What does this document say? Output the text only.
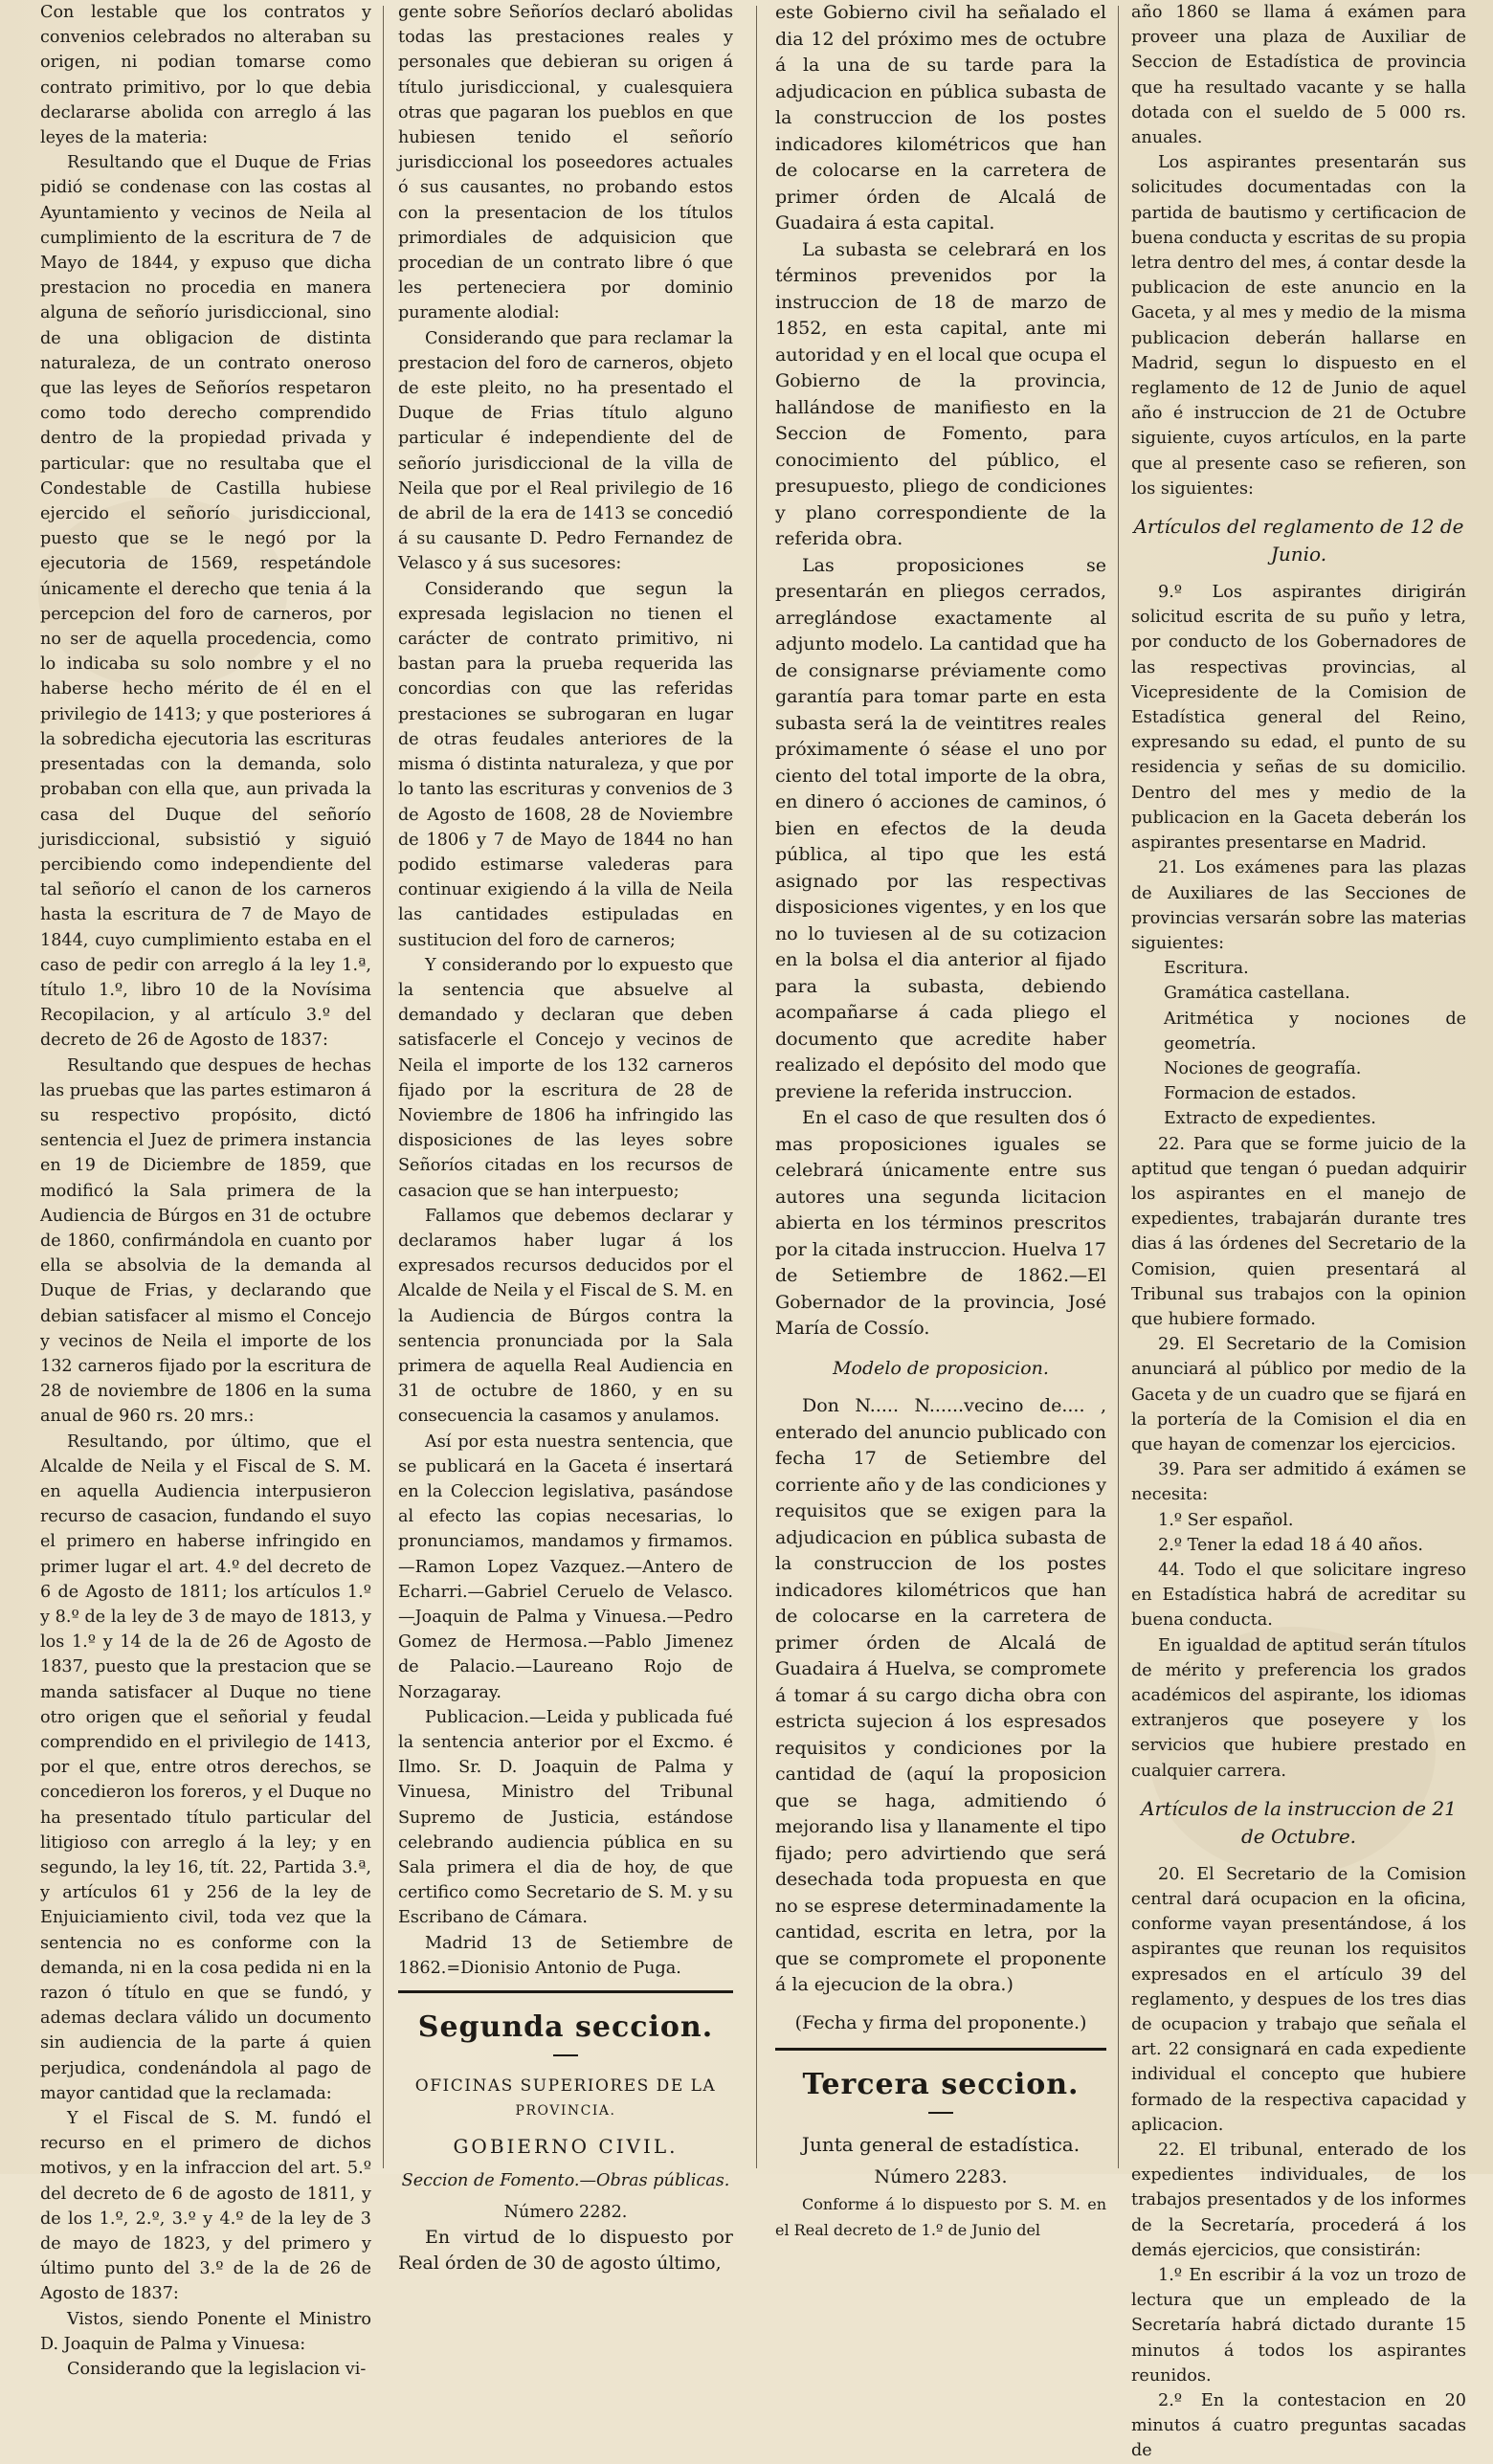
Con lestable que los contratos y convenios celebrados no alteraban su origen, ni podian tomarse como contrato primitivo, por lo que debia declararse abolida con arreglo á las leyes de la materia:

Resultando que el Duque de Frias pidió se condenase con las costas al Ayuntamiento y vecinos de Neila al cumplimiento de la escritura de 7 de Mayo de 1844, y expuso que dicha prestacion no procedia en manera alguna de señorío jurisdiccional, sino de una obligacion de distinta naturaleza, de un contrato oneroso que las leyes de Señoríos respetaron como todo derecho comprendido dentro de la propiedad privada y particular: que no resultaba que el Condestable de Castilla hubiese ejercido el señorío jurisdiccional, puesto que se le negó por la ejecutoria de 1569, respetándole únicamente el derecho que tenia á la percepcion del foro de carneros, por no ser de aquella procedencia, como lo indicaba su solo nombre y el no haberse hecho mérito de él en el privilegio de 1413; y que posteriores á la sobredicha ejecutoria las escrituras presentadas con la demanda, solo probaban con ella que, aun privada la casa del Duque del señorío jurisdiccional, subsistió y siguió percibiendo como independiente del tal señorío el canon de los carneros hasta la escritura de 7 de Mayo de 1844, cuyo cumplimiento estaba en el caso de pedir con arreglo á la ley 1.ª, título 1.º, libro 10 de la Novísima Recopilacion, y al artículo 3.º del decreto de 26 de Agosto de 1837:

Resultando que despues de hechas las pruebas que las partes estimaron á su respectivo propósito, dictó sentencia el Juez de primera instancia en 19 de Diciembre de 1859, que modificó la Sala primera de la Audiencia de Búrgos en 31 de octubre de 1860, confirmándola en cuanto por ella se absolvia de la demanda al Duque de Frias, y declarando que debian satisfacer al mismo el Concejo y vecinos de Neila el importe de los 132 carneros fijado por la escritura de 28 de noviembre de 1806 en la suma anual de 960 rs. 20 mrs.:

Resultando, por último, que el Alcalde de Neila y el Fiscal de S. M. en aquella Audiencia interpusieron recurso de casacion, fundando el suyo el primero en haberse infringido en primer lugar el art. 4.º del decreto de 6 de Agosto de 1811; los artículos 1.º y 8.º de la ley de 3 de mayo de 1813, y los 1.º y 14 de la de 26 de Agosto de 1837, puesto que la prestacion que se manda satisfacer al Duque no tiene otro origen que el señorial y feudal comprendido en el privilegio de 1413, por el que, entre otros derechos, se concedieron los foreros, y el Duque no ha presentado título particular del litigioso con arreglo á la ley; y en segundo, la ley 16, tít. 22, Partida 3.ª, y artículos 61 y 256 de la ley de Enjuiciamiento civil, toda vez que la sentencia no es conforme con la demanda, ni en la cosa pedida ni en la razon ó título en que se fundó, y ademas declara válido un documento sin audiencia de la parte á quien perjudica, condenándola al pago de mayor cantidad que la reclamada:

Y el Fiscal de S. M. fundó el recurso en el primero de dichos motivos, y en la infraccion del art. 5.º del decreto de 6 de agosto de 1811, y de los 1.º, 2.º, 3.º y 4.º de la ley de 3 de mayo de 1823, y del primero y último punto del 3.º de la de 26 de Agosto de 1837:

Vistos, siendo Ponente el Ministro D. Joaquin de Palma y Vinuesa:

Considerando que la legislacion vi-

gente sobre Señoríos declaró abolidas todas las prestaciones reales y personales que debieran su origen á título jurisdiccional, y cualesquiera otras que pagaran los pueblos en que hubiesen tenido el señorío jurisdiccional los poseedores actuales ó sus causantes, no probando estos con la presentacion de los títulos primordiales de adquisicion que procedian de un contrato libre ó que les perteneciera por dominio puramente alodial:

Considerando que para reclamar la prestacion del foro de carneros, objeto de este pleito, no ha presentado el Duque de Frias título alguno particular é independiente del de señorío jurisdiccional de la villa de Neila que por el Real privilegio de 16 de abril de la era de 1413 se concedió á su causante D. Pedro Fernandez de Velasco y á sus sucesores:

Considerando que segun la expresada legislacion no tienen el carácter de contrato primitivo, ni bastan para la prueba requerida las concordias con que las referidas prestaciones se subrogaran en lugar de otras feudales anteriores de la misma ó distinta naturaleza, y que por lo tanto las escrituras y convenios de 3 de Agosto de 1608, 28 de Noviembre de 1806 y 7 de Mayo de 1844 no han podido estimarse valederas para continuar exigiendo á la villa de Neila las cantidades estipuladas en sustitucion del foro de carneros;

Y considerando por lo expuesto que la sentencia que absuelve al demandado y declaran que deben satisfacerle el Concejo y vecinos de Neila el importe de los 132 carneros fijado por la escritura de 28 de Noviembre de 1806 ha infringido las disposiciones de las leyes sobre Señoríos citadas en los recursos de casacion que se han interpuesto;

Fallamos que debemos declarar y declaramos haber lugar á los expresados recursos deducidos por el Alcalde de Neila y el Fiscal de S. M. en la Audiencia de Búrgos contra la sentencia pronunciada por la Sala primera de aquella Real Audiencia en 31 de octubre de 1860, y en su consecuencia la casamos y anulamos.

Así por esta nuestra sentencia, que se publicará en la Gaceta é insertará en la Coleccion legislativa, pasándose al efecto las copias necesarias, lo pronunciamos, mandamos y firmamos.—Ramon Lopez Vazquez.—Antero de Echarri.—Gabriel Ceruelo de Velasco.—Joaquin de Palma y Vinuesa.—Pedro Gomez de Hermosa.—Pablo Jimenez de Palacio.—Laureano Rojo de Norzagaray.

Publicacion.—Leida y publicada fué la sentencia anterior por el Excmo. é Ilmo. Sr. D. Joaquin de Palma y Vinuesa, Ministro del Tribunal Supremo de Justicia, estándose celebrando audiencia pública en su Sala primera el dia de hoy, de que certifico como Secretario de S. M. y su Escribano de Cámara.

Madrid 13 de Setiembre de 1862.=Dionisio Antonio de Puga.

Segunda seccion.

OFICINAS SUPERIORES DE LA

PROVINCIA.

GOBIERNO CIVIL.

Seccion de Fomento.—Obras públicas.

Número 2282.

En virtud de lo dispuesto por Real órden de 30 de agosto último,

este Gobierno civil ha señalado el dia 12 del próximo mes de octubre á la una de su tarde para la adjudicacion en pública subasta de la construccion de los postes indicadores kilométricos que han de colocarse en la carretera de primer órden de Alcalá de Guadaira á esta capital.

La subasta se celebrará en los términos prevenidos por la instruccion de 18 de marzo de 1852, en esta capital, ante mi autoridad y en el local que ocupa el Gobierno de la provincia, hallándose de manifiesto en la Seccion de Fomento, para conocimiento del público, el presupuesto, pliego de condiciones y plano correspondiente de la referida obra.

Las proposiciones se presentarán en pliegos cerrados, arreglándose exactamente al adjunto modelo. La cantidad que ha de consignarse préviamente como garantía para tomar parte en esta subasta será la de veintitres reales próximamente ó séase el uno por ciento del total importe de la obra, en dinero ó acciones de caminos, ó bien en efectos de la deuda pública, al tipo que les está asignado por las respectivas disposiciones vigentes, y en los que no lo tuviesen al de su cotizacion en la bolsa el dia anterior al fijado para la subasta, debiendo acompañarse á cada pliego el documento que acredite haber realizado el depósito del modo que previene la referida instruccion.

En el caso de que resulten dos ó mas proposiciones iguales se celebrará únicamente entre sus autores una segunda licitacion abierta en los términos prescritos por la citada instruccion. Huelva 17 de Setiembre de 1862.—El Gobernador de la provincia, José María de Cossío.

Modelo de proposicion.

Don N..... N......vecino de.... , enterado del anuncio publicado con fecha 17 de Setiembre del corriente año y de las condiciones y requisitos que se exigen para la adjudicacion en pública subasta de la construccion de los postes indicadores kilométricos que han de colocarse en la carretera de primer órden de Alcalá de Guadaira á Huelva, se compromete á tomar á su cargo dicha obra con estricta sujecion á los espresados requisitos y condiciones por la cantidad de (aquí la proposicion que se haga, admitiendo ó mejorando lisa y llanamente el tipo fijado; pero advirtiendo que será desechada toda propuesta en que no se esprese determinadamente la cantidad, escrita en letra, por la que se compromete el proponente á la ejecucion de la obra.)

(Fecha y firma del proponente.)

Tercera seccion.

Junta general de estadística.

Número 2283.

Conforme á lo dispuesto por S. M. en el Real decreto de 1.º de Junio del

año 1860 se llama á exámen para proveer una plaza de Auxiliar de Seccion de Estadística de provincia que ha resultado vacante y se halla dotada con el sueldo de 5 000 rs. anuales.

Los aspirantes presentarán sus solicitudes documentadas con la partida de bautismo y certificacion de buena conducta y escritas de su propia letra dentro del mes, á contar desde la publicacion de este anuncio en la Gaceta, y al mes y medio de la misma publicacion deberán hallarse en Madrid, segun lo dispuesto en el reglamento de 12 de Junio de aquel año é instruccion de 21 de Octubre siguiente, cuyos artículos, en la parte que al presente caso se refieren, son los siguientes:

Artículos del reglamento de 12 de Junio.

9.º Los aspirantes dirigirán solicitud escrita de su puño y letra, por conducto de los Gobernadores de las respectivas provincias, al Vicepresidente de la Comision de Estadística general del Reino, expresando su edad, el punto de su residencia y señas de su domicilio. Dentro del mes y medio de la publicacion en la Gaceta deberán los aspirantes presentarse en Madrid.

21. Los exámenes para las plazas de Auxiliares de las Secciones de provincias versarán sobre las materias siguientes:

Escritura.

Gramática castellana.

Aritmética y nociones de geometría.

Nociones de geografía.

Formacion de estados.

Extracto de expedientes.

22. Para que se forme juicio de la aptitud que tengan ó puedan adquirir los aspirantes en el manejo de expedientes, trabajarán durante tres dias á las órdenes del Secretario de la Comision, quien presentará al Tribunal sus trabajos con la opinion que hubiere formado.

29. El Secretario de la Comision anunciará al público por medio de la Gaceta y de un cuadro que se fijará en la portería de la Comision el dia en que hayan de comenzar los ejercicios.

39. Para ser admitido á exámen se necesita:

1.º Ser español.

2.º Tener la edad 18 á 40 años.

44. Todo el que solicitare ingreso en Estadística habrá de acreditar su buena conducta.

En igualdad de aptitud serán títulos de mérito y preferencia los grados académicos del aspirante, los idiomas extranjeros que poseyere y los servicios que hubiere prestado en cualquier carrera.

Artículos de la instruccion de 21 de Octubre.

20. El Secretario de la Comision central dará ocupacion en la oficina, conforme vayan presentándose, á los aspirantes que reunan los requisitos expresados en el artículo 39 del reglamento, y despues de los tres dias de ocupacion y trabajo que señala el art. 22 consignará en cada expediente individual el concepto que hubiere formado de la respectiva capacidad y aplicacion.

22. El tribunal, enterado de los expedientes individuales, de los trabajos presentados y de los informes de la Secretaría, procederá á los demás ejercicios, que consistirán:

1.º En escribir á la voz un trozo de lectura que un empleado de la Secretaría habrá dictado durante 15 minutos á todos los aspirantes reunidos.

2.º En la contestacion en 20 minutos á cuatro preguntas sacadas de
